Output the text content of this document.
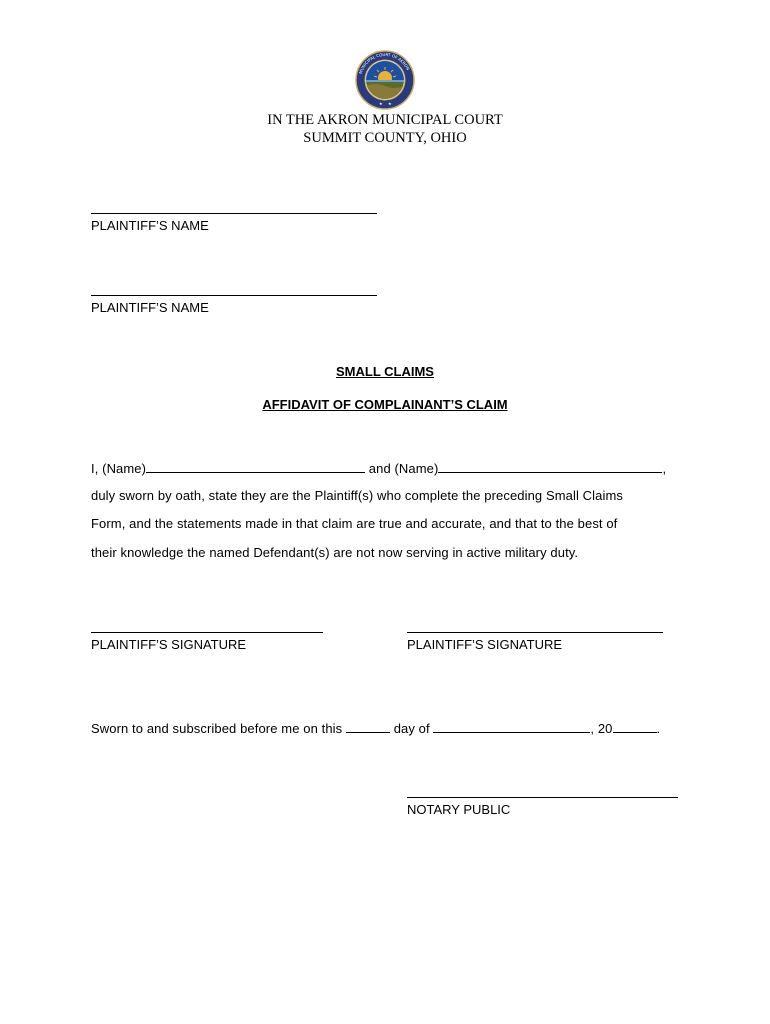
MUNICIPAL COURT OF AKRON
★ ★
IN THE AKRON MUNICIPAL COURT
SUMMIT COUNTY, OHIO
PLAINTIFF’S NAME
PLAINTIFF’S NAME
SMALL CLAIMS
AFFIDAVIT OF COMPLAINANT’S CLAIM
I, (Name)	and (Name)	,
duly sworn by oath, state they are the Plaintiff(s) who complete the preceding Small Claims
Form, and the statements made in that claim are true and accurate, and that to the best of
their knowledge the named Defendant(s) are not now serving in active military duty.
PLAINTIFF’S SIGNATURE	PLAINTIFF’S SIGNATURE
Sworn to and subscribed before me on this	day of	, 20	.
NOTARY PUBLIC
